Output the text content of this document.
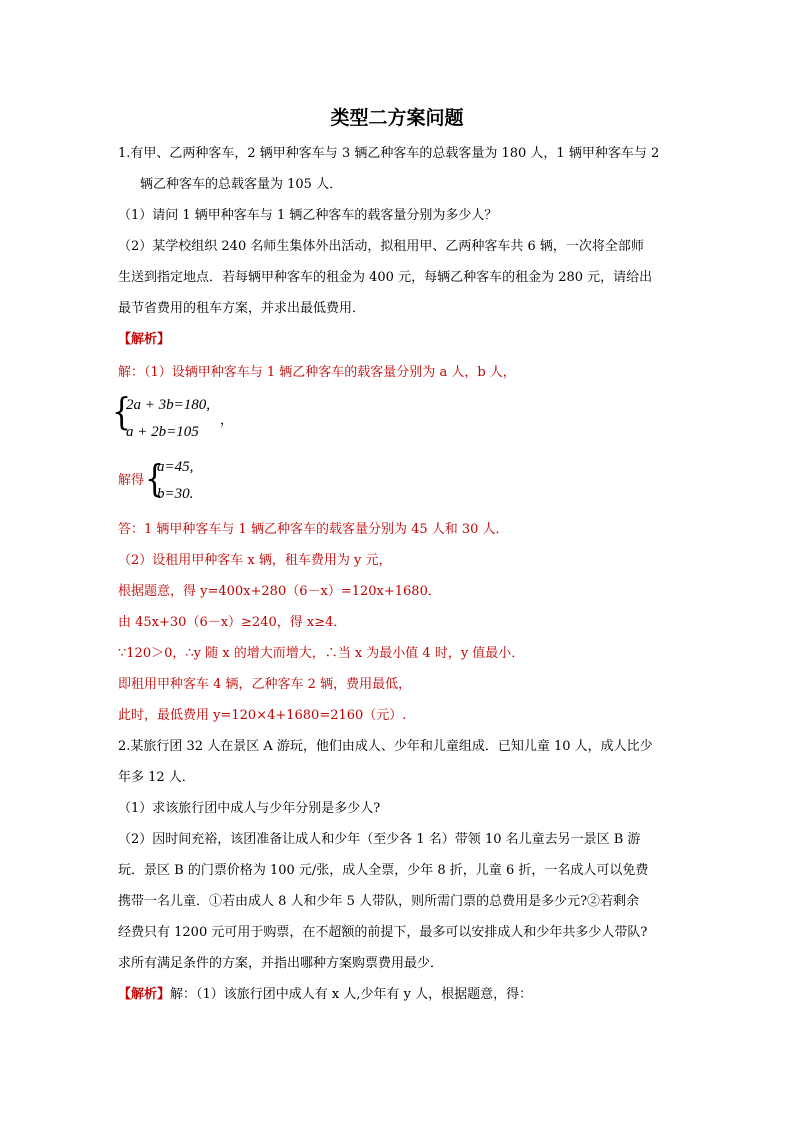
类型二方案问题
1.有甲、乙两种客车，2 辆甲种客车与 3 辆乙种客车的总载客量为 180 人，1 辆甲种客车与 2
辆乙种客车的总载客量为 105 人．
（1）请问 1 辆甲种客车与 1 辆乙种客车的载客量分别为多少人？
（2）某学校组织 240 名师生集体外出活动，拟租用甲、乙两种客车共 6 辆，一次将全部师
生送到指定地点．若每辆甲种客车的租金为 400 元，每辆乙种客车的租金为 280 元，请给出
最节省费用的租车方案，并求出最低费用．
【解析】
解：（1）设辆甲种客车与 1 辆乙种客车的载客量分别为 a 人，b 人，
{
2a + 3b=180,
a + 2b=105
，
解得 {
a=45,
b=30.
答：1 辆甲种客车与 1 辆乙种客车的载客量分别为 45 人和 30 人．
（2）设租用甲种客车 x 辆，租车费用为 y 元，
根据题意，得 y=400x+280（6－x）=120x+1680．
由 45x+30（6－x）≥240，得 x≥4．
∵120＞0，∴y 随 x 的增大而增大，∴当 x 为最小值 4 时，y 值最小．
即租用甲种客车 4 辆，乙种客车 2 辆，费用最低，
此时，最低费用 y=120×4+1680=2160（元）.
2.某旅行团 32 人在景区 A 游玩，他们由成人、少年和儿童组成．已知儿童 10 人，成人比少
年多 12 人．
（1）求该旅行团中成人与少年分别是多少人?
（2）因时间充裕，该团准备让成人和少年（至少各 1 名）带领 10 名儿童去另一景区 B 游
玩．景区 B 的门票价格为 100 元/张，成人全票，少年 8 折，儿童 6 折，一名成人可以免费
携带一名儿童．①若由成人 8 人和少年 5 人带队，则所需门票的总费用是多少元?②若剩余
经费只有 1200 元可用于购票，在不超额的前提下，最多可以安排成人和少年共多少人带队?
求所有满足条件的方案，并指出哪种方案购票费用最少．
【解析】解：（1）该旅行团中成人有 x 人,少年有 y 人，根据题意，得：
